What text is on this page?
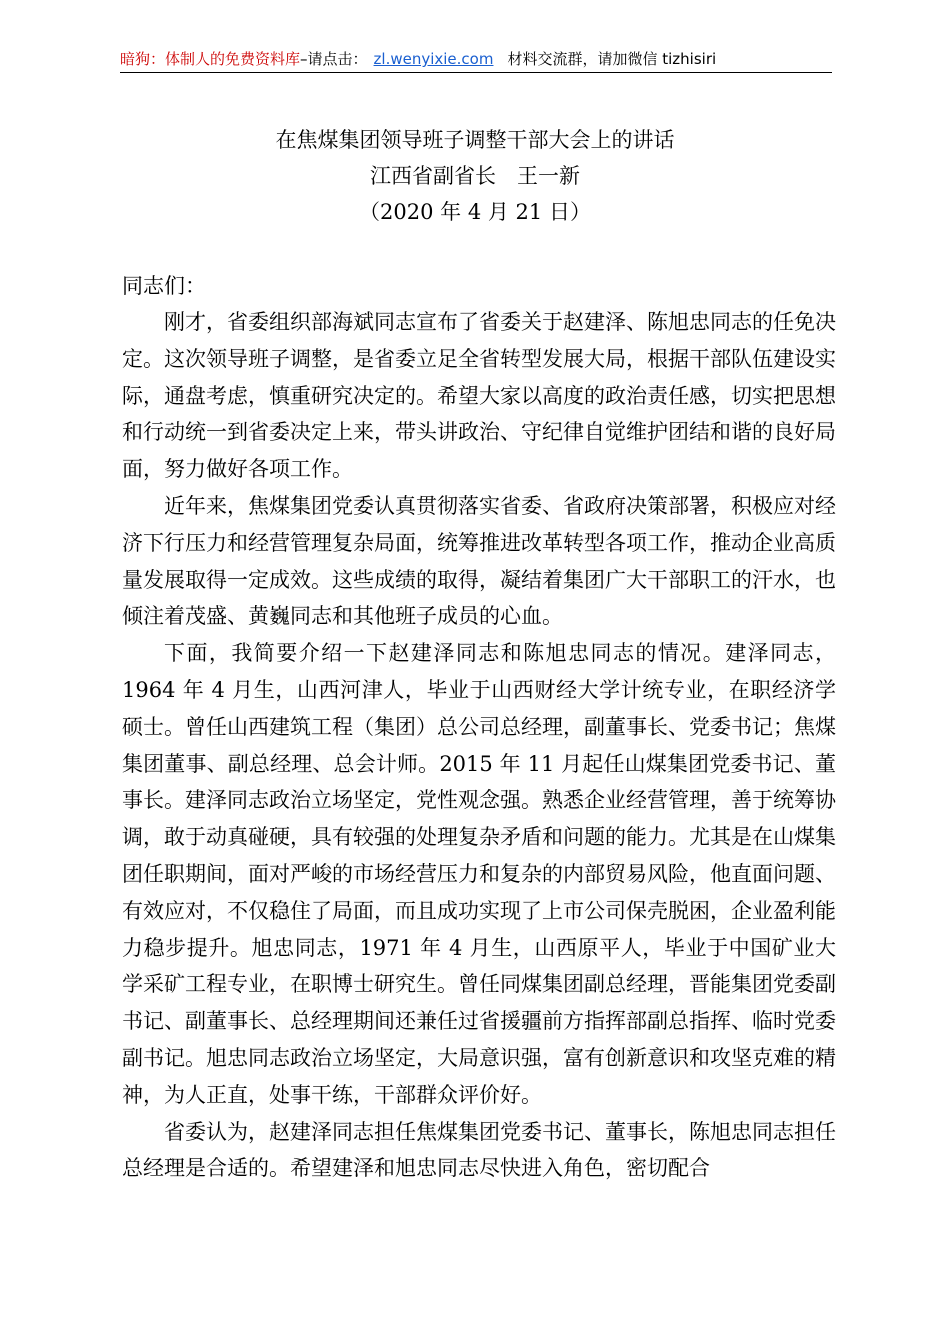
暗狗：体制人的免费资料库–请点击： zl.wenyixie.com 材料交流群，请加微信 tizhisiri
在焦煤集团领导班子调整干部大会上的讲话
江西省副省长　王一新
（2020 年 4 月 21 日）
同志们：

刚才，省委组织部海斌同志宣布了省委关于赵建泽、陈旭忠同志的任免决定。这次领导班子调整，是省委立足全省转型发展大局，根据干部队伍建设实际，通盘考虑，慎重研究决定的。希望大家以高度的政治责任感，切实把思想和行动统一到省委决定上来，带头讲政治、守纪律自觉维护团结和谐的良好局面，努力做好各项工作。

近年来，焦煤集团党委认真贯彻落实省委、省政府决策部署，积极应对经济下行压力和经营管理复杂局面，统筹推进改革转型各项工作，推动企业高质量发展取得一定成效。这些成绩的取得，凝结着集团广大干部职工的汗水，也倾注着茂盛、黄巍同志和其他班子成员的心血。

下面，我简要介绍一下赵建泽同志和陈旭忠同志的情况。建泽同志，1964 年 4 月生，山西河津人，毕业于山西财经大学计统专业，在职经济学硕士。曾任山西建筑工程（集团）总公司总经理，副董事长、党委书记；焦煤集团董事、副总经理、总会计师。2015 年 11 月起任山煤集团党委书记、董事长。建泽同志政治立场坚定，党性观念强。熟悉企业经营管理，善于统筹协调，敢于动真碰硬，具有较强的处理复杂矛盾和问题的能力。尤其是在山煤集团任职期间，面对严峻的市场经营压力和复杂的内部贸易风险，他直面问题、有效应对，不仅稳住了局面，而且成功实现了上市公司保壳脱困，企业盈利能力稳步提升。旭忠同志，1971 年 4 月生，山西原平人，毕业于中国矿业大学采矿工程专业，在职博士研究生。曾任同煤集团副总经理，晋能集团党委副书记、副董事长、总经理期间还兼任过省援疆前方指挥部副总指挥、临时党委副书记。旭忠同志政治立场坚定，大局意识强，富有创新意识和攻坚克难的精神，为人正直，处事干练，干部群众评价好。

省委认为，赵建泽同志担任焦煤集团党委书记、董事长，陈旭忠同志担任总经理是合适的。希望建泽和旭忠同志尽快进入角色，密切配合
